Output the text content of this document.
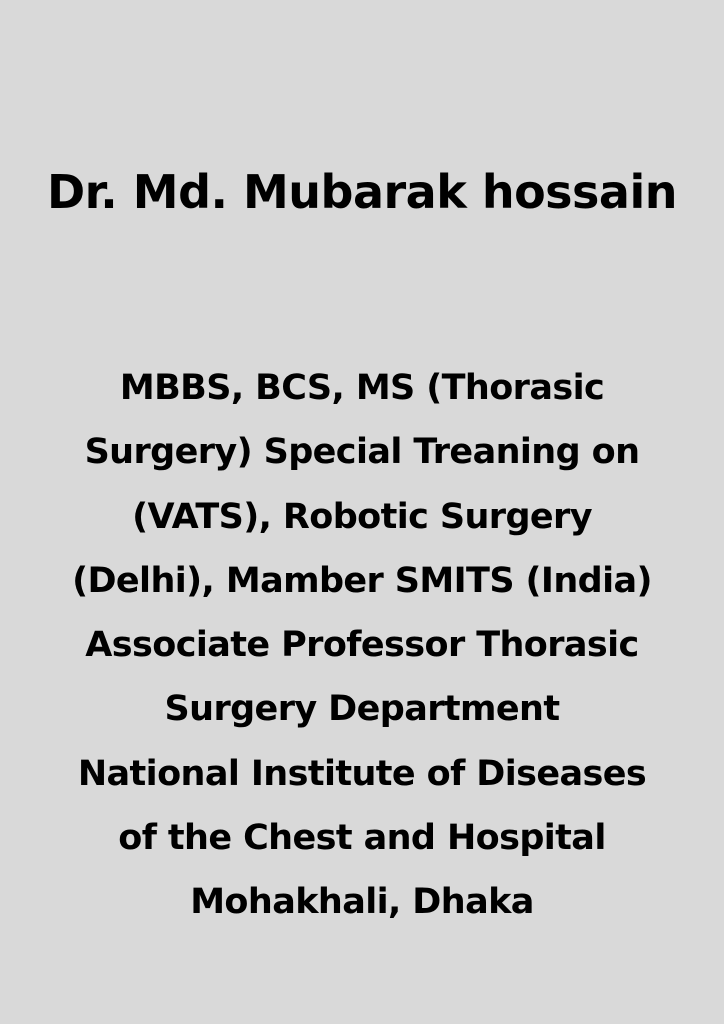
Dr. Md. Mubarak hossain

MBBS, BCS, MS (Thorasic
Surgery) Special Treaning on
(VATS), Robotic Surgery
(Delhi), Mamber SMITS (India)
Associate Professor Thorasic
Surgery Department
National Institute of Diseases
of the Chest and Hospital
Mohakhali, Dhaka
